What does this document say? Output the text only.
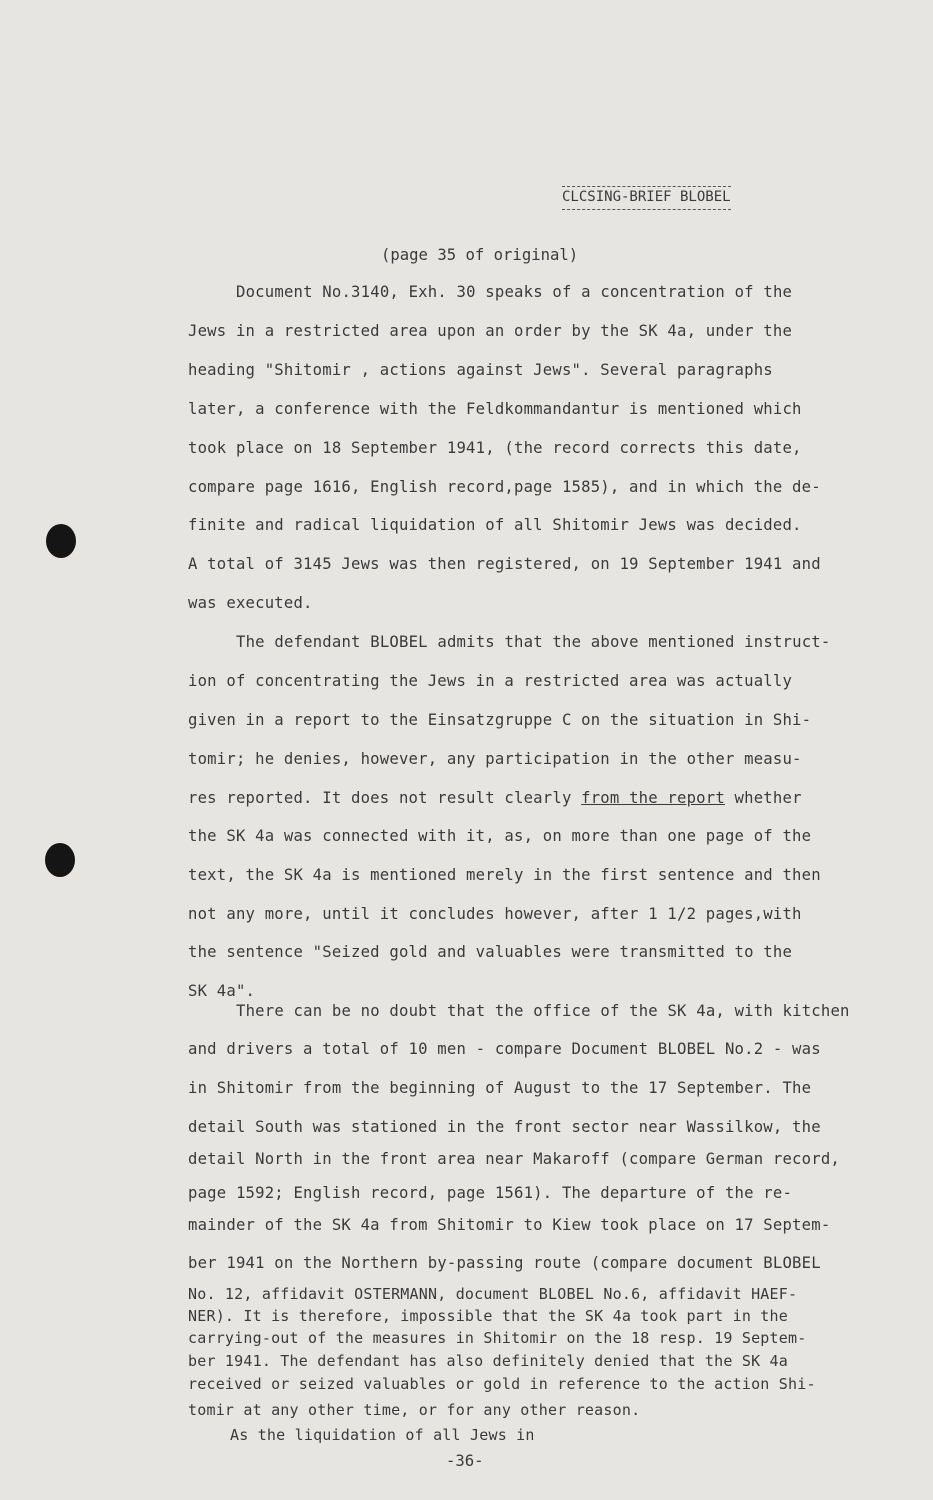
CLCSING-BRIEF BLOBEL
(page 35 of original)
Document No.3140, Exh. 30 speaks of a concentration of the
Jews in a restricted area upon an order by the SK 4a, under the
heading "Shitomir , actions against Jews". Several paragraphs
later, a conference with the Feldkommandantur is mentioned which
took place on 18 September 1941, (the record corrects this date,
compare page 1616, English record,page 1585), and in which the de-
finite and radical liquidation of all Shitomir Jews was decided.
A total of 3145 Jews was then registered, on 19 September 1941 and
was executed.
The defendant BLOBEL admits that the above mentioned instruct-
ion of concentrating the Jews in a restricted area was actually
given in a report to the Einsatzgruppe C on the situation in Shi-
tomir; he denies, however, any participation in the other measu-
res reported. It does not result clearly from the report whether
the SK 4a was connected with it, as, on more than one page of the
text, the SK 4a is mentioned merely in the first sentence and then
not any more, until it concludes however, after 1 1/2 pages,with
the sentence "Seized gold and valuables were transmitted to the
SK 4a".
There can be no doubt that the office of the SK 4a, with kitchen
and drivers a total of 10 men - compare Document BLOBEL No.2 - was
in Shitomir from the beginning of August to the 17 September. The
detail South was stationed in the front sector near Wassilkow, the
detail North in the front area near Makaroff (compare German record,
page 1592; English record, page 1561). The departure of the re-
mainder of the SK 4a from Shitomir to Kiew took place on 17 Septem-
ber 1941 on the Northern by-passing route (compare document BLOBEL
No. 12, affidavit OSTERMANN, document BLOBEL No.6, affidavit HAEF-
NER). It is therefore, impossible that the SK 4a took part in the
carrying-out of the measures in Shitomir on the 18 resp. 19 Septem-
ber 1941. The defendant has also definitely denied that the SK 4a
received or seized valuables or gold in reference to the action Shi-
tomir at any other time, or for any other reason.
As the liquidation of all Jews in
-36-
